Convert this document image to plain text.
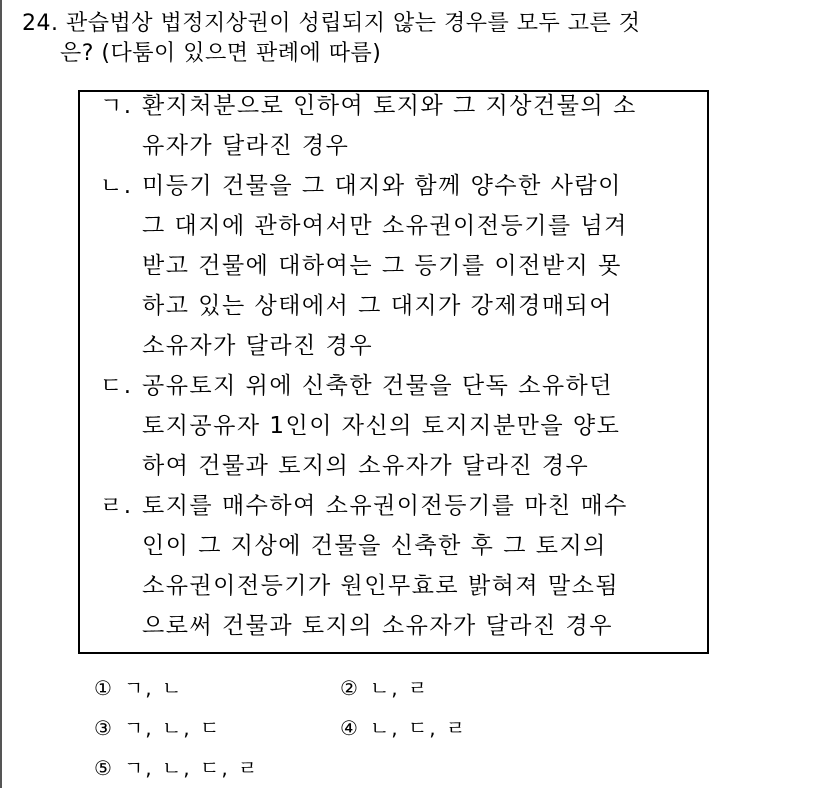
24. 관습법상 법정지상권이 성립되지 않는 경우를 모두 고른 것
은? (다툼이 있으면 판례에 따름)
ㄱ. 환지처분으로 인하여 토지와 그 지상건물의 소
유자가 달라진 경우
ㄴ. 미등기 건물을 그 대지와 함께 양수한 사람이
그 대지에 관하여서만 소유권이전등기를 넘겨
받고 건물에 대하여는 그 등기를 이전받지 못
하고 있는 상태에서 그 대지가 강제경매되어
소유자가 달라진 경우
ㄷ. 공유토지 위에 신축한 건물을 단독 소유하던
토지공유자 1인이 자신의 토지지분만을 양도
하여 건물과 토지의 소유자가 달라진 경우
ㄹ. 토지를 매수하여 소유권이전등기를 마친 매수
인이 그 지상에 건물을 신축한 후 그 토지의
소유권이전등기가 원인무효로 밝혀져 말소됨
으로써 건물과 토지의 소유자가 달라진 경우
① ㄱ, ㄴ	② ㄴ, ㄹ
③ ㄱ, ㄴ, ㄷ	④ ㄴ, ㄷ, ㄹ
⑤ ㄱ, ㄴ, ㄷ, ㄹ
